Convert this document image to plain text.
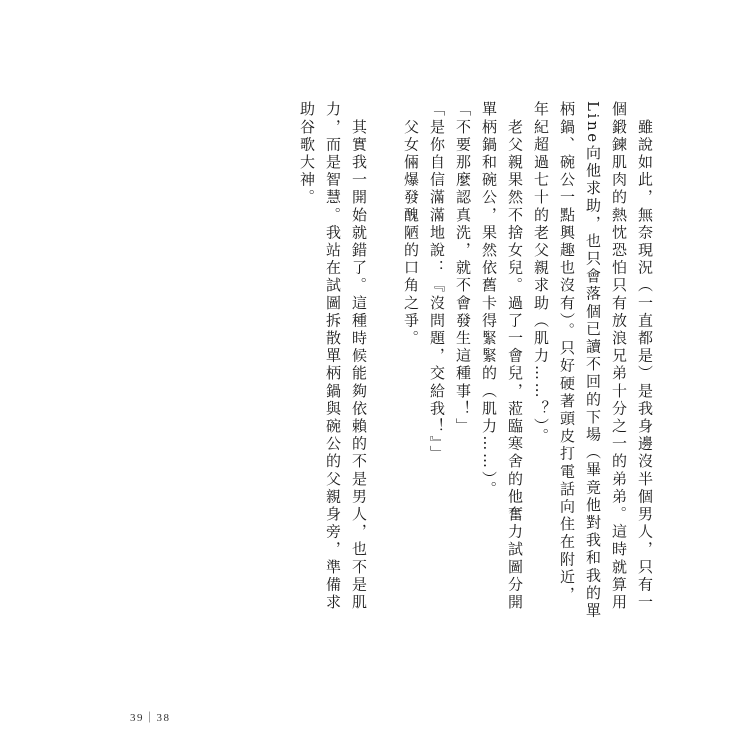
　雖說如此，無奈現況（一直都是）是我身邊沒半個男人，只有一個鍛鍊肌肉的熱忱恐怕只有放浪兄弟十分之一的弟弟。這時就算用Line向他求助，也只會落個已讀不回的下場（畢竟他對我和我的單柄鍋、碗公一點興趣也沒有）。只好硬著頭皮打電話向住在附近，年紀超過七十的老父親求助（肌力……？）。

　老父親果然不捨女兒。過了一會兒，蒞臨寒舍的他奮力試圖分開單柄鍋和碗公，果然依舊卡得緊緊的（肌力……）。

「不要那麼認真洗，就不會發生這種事！」

「是你自信滿滿地說：『沒問題，交給我！』」

　父女倆爆發醜陋的口角之爭。

　其實我一開始就錯了。這種時候能夠依賴的不是男人，也不是肌力，而是智慧。我站在試圖拆散單柄鍋與碗公的父親身旁，準備求助谷歌大神。

39｜38
